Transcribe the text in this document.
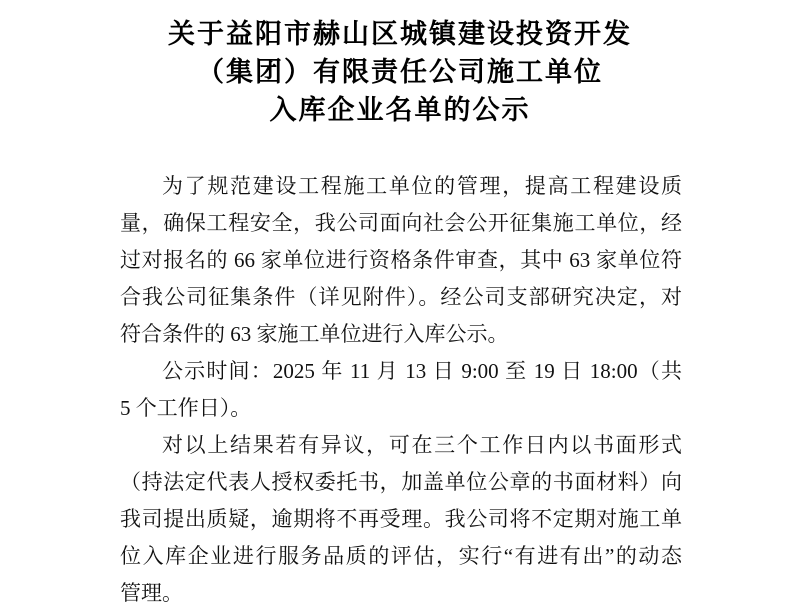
关于益阳市赫山区城镇建设投资开发
（集团）有限责任公司施工单位
入库企业名单的公示
为了规范建设工程施工单位的管理，提高工程建设质
量，确保工程安全，我公司面向社会公开征集施工单位，经
过对报名的 66 家单位进行资格条件审查，其中 63 家单位符
合我公司征集条件（详见附件）。经公司支部研究决定，对
符合条件的 63 家施工单位进行入库公示。
公示时间：2025 年 11 月 13 日 9:00 至 19 日 18:00（共
5 个工作日）。
对以上结果若有异议，可在三个工作日内以书面形式
（持法定代表人授权委托书，加盖单位公章的书面材料）向
我司提出质疑，逾期将不再受理。我公司将不定期对施工单
位入库企业进行服务品质的评估，实行“有进有出”的动态
管理。
